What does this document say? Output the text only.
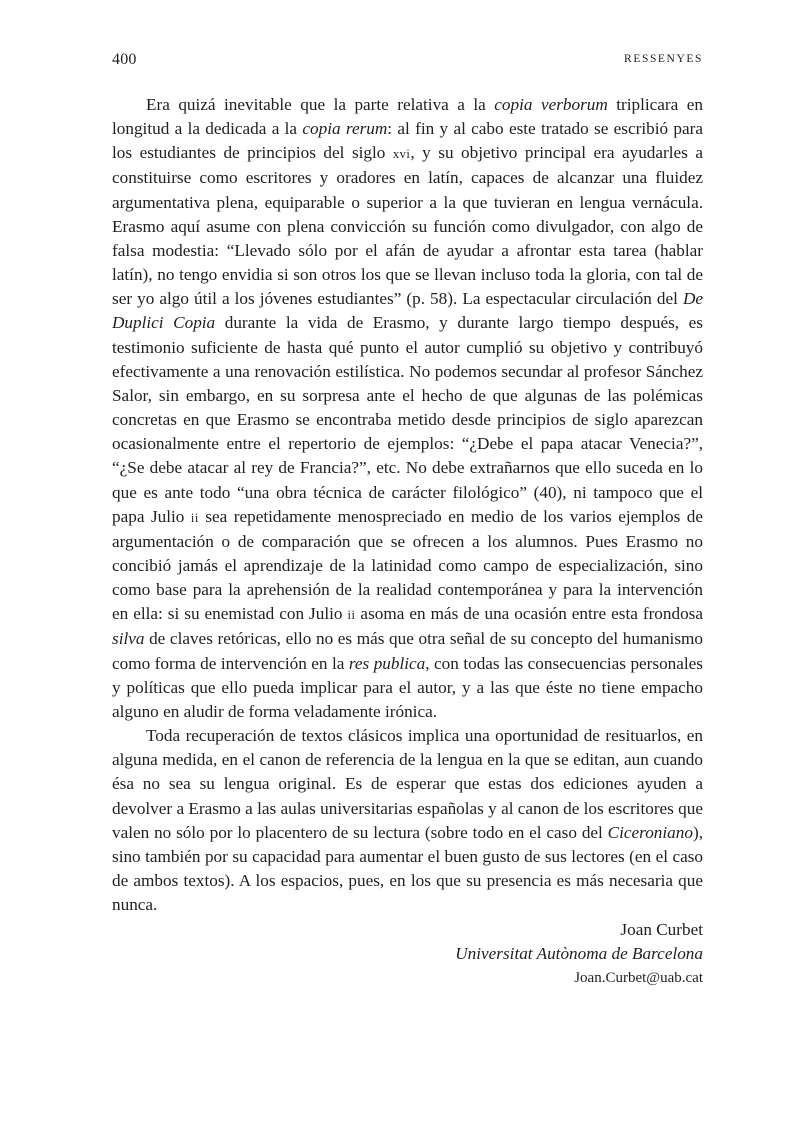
400	RESSENYES

Era quizá inevitable que la parte relativa a la copia verborum triplicara en longitud a la dedicada a la copia rerum: al fin y al cabo este tratado se escribió para los estudiantes de principios del siglo xvi, y su objetivo principal era ayudarles a constituirse como escritores y oradores en latín, capaces de alcanzar una fluidez argumentativa plena, equiparable o superior a la que tuvieran en lengua vernácula. Erasmo aquí asume con plena convicción su función como divulgador, con algo de falsa modestia: “Llevado sólo por el afán de ayudar a afrontar esta tarea (hablar latín), no tengo envidia si son otros los que se llevan incluso toda la gloria, con tal de ser yo algo útil a los jóvenes estudiantes” (p. 58). La espectacular circulación del De Duplici Copia durante la vida de Erasmo, y durante largo tiempo después, es testimonio suficiente de hasta qué punto el autor cumplió su objetivo y contribuyó efectivamente a una renovación estilística. No podemos secundar al profesor Sánchez Salor, sin embargo, en su sorpresa ante el hecho de que algunas de las polémicas concretas en que Erasmo se encontraba metido desde principios de siglo aparezcan ocasionalmente entre el repertorio de ejemplos: “¿Debe el papa atacar Venecia?”, “¿Se debe atacar al rey de Francia?”, etc. No debe extrañarnos que ello suceda en lo que es ante todo “una obra técnica de carácter filológico” (40), ni tampoco que el papa Julio ii sea repetidamente menospreciado en medio de los varios ejemplos de argumentación o de comparación que se ofrecen a los alumnos. Pues Erasmo no concibió jamás el aprendizaje de la latinidad como campo de especialización, sino como base para la aprehensión de la realidad contemporánea y para la intervención en ella: si su enemistad con Julio ii asoma en más de una ocasión entre esta frondosa silva de claves retóricas, ello no es más que otra señal de su concepto del humanismo como forma de intervención en la res publica, con todas las consecuencias personales y políticas que ello pueda implicar para el autor, y a las que éste no tiene empacho alguno en aludir de forma veladamente irónica.

Toda recuperación de textos clásicos implica una oportunidad de resituarlos, en alguna medida, en el canon de referencia de la lengua en la que se editan, aun cuando ésa no sea su lengua original. Es de esperar que estas dos ediciones ayuden a devolver a Erasmo a las aulas universitarias españolas y al canon de los escritores que valen no sólo por lo placentero de su lectura (sobre todo en el caso del Ciceroniano), sino también por su capacidad para aumentar el buen gusto de sus lectores (en el caso de ambos textos). A los espacios, pues, en los que su presencia es más necesaria que nunca.

Joan Curbet
Universitat Autònoma de Barcelona
Joan.Curbet@uab.cat
